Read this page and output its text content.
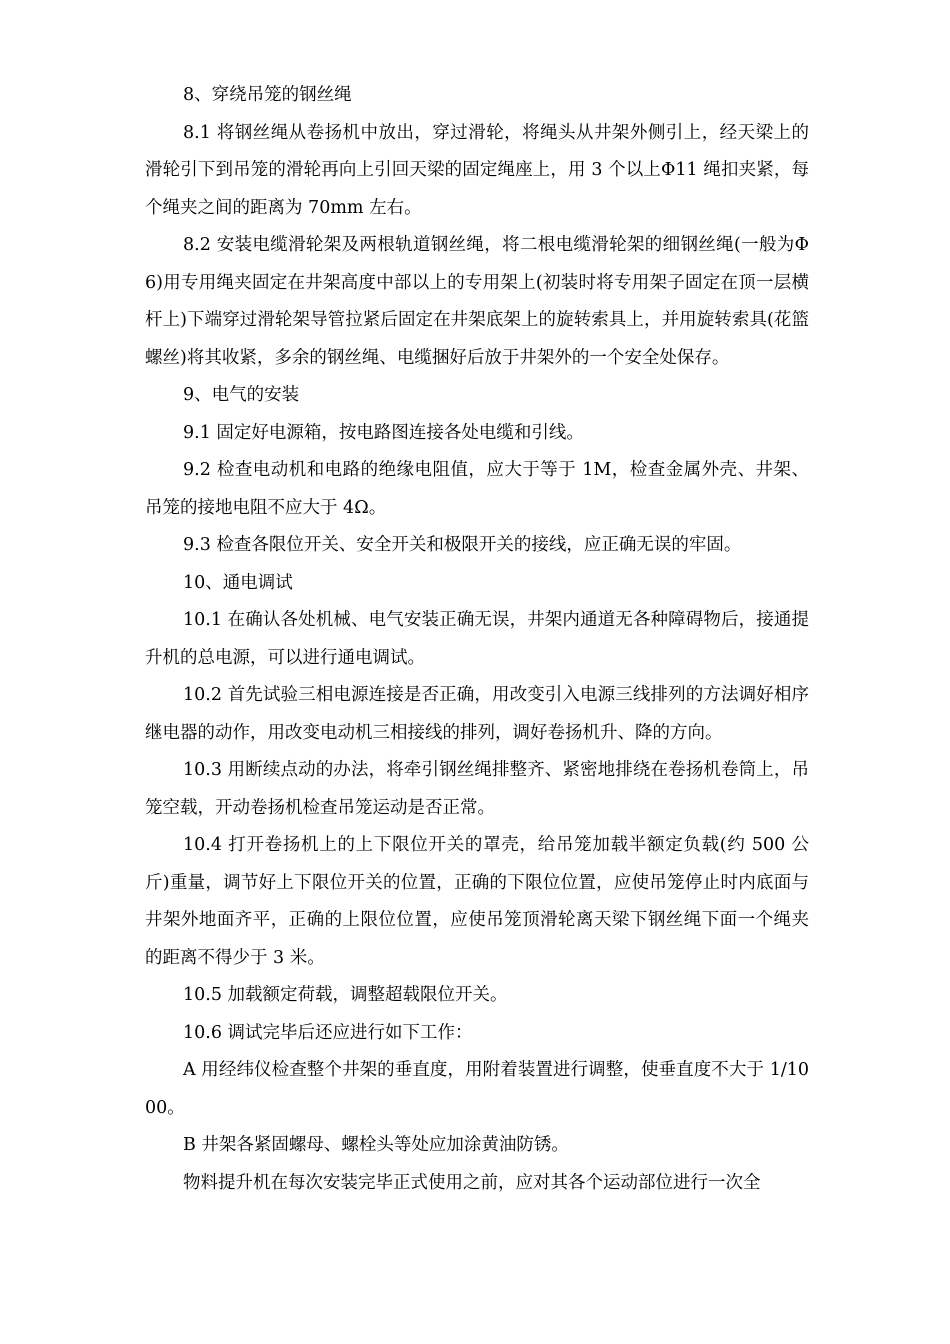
8、穿绕吊笼的钢丝绳

8.1 将钢丝绳从卷扬机中放出，穿过滑轮，将绳头从井架外侧引上，经天梁上的滑轮引下到吊笼的滑轮再向上引回天梁的固定绳座上，用 3 个以上Φ11 绳扣夹紧，每个绳夹之间的距离为 70mm 左右。

8.2 安装电缆滑轮架及两根轨道钢丝绳，将二根电缆滑轮架的细钢丝绳(一般为Φ6)用专用绳夹固定在井架高度中部以上的专用架上(初装时将专用架子固定在顶一层横杆上)下端穿过滑轮架导管拉紧后固定在井架底架上的旋转索具上，并用旋转索具(花篮螺丝)将其收紧，多余的钢丝绳、电缆捆好后放于井架外的一个安全处保存。

9、电气的安装

9.1 固定好电源箱，按电路图连接各处电缆和引线。

9.2 检查电动机和电路的绝缘电阻值，应大于等于 1M，检查金属外壳、井架、吊笼的接地电阻不应大于 4Ω。

9.3 检查各限位开关、安全开关和极限开关的接线，应正确无误的牢固。

10、通电调试

10.1 在确认各处机械、电气安装正确无误，井架内通道无各种障碍物后，接通提升机的总电源，可以进行通电调试。

10.2 首先试验三相电源连接是否正确，用改变引入电源三线排列的方法调好相序继电器的动作，用改变电动机三相接线的排列，调好卷扬机升、降的方向。

10.3 用断续点动的办法，将牵引钢丝绳排整齐、紧密地排绕在卷扬机卷筒上，吊笼空载，开动卷扬机检查吊笼运动是否正常。

10.4 打开卷扬机上的上下限位开关的罩壳，给吊笼加载半额定负载(约 500 公斤)重量，调节好上下限位开关的位置，正确的下限位位置，应使吊笼停止时内底面与井架外地面齐平，正确的上限位位置，应使吊笼顶滑轮离天梁下钢丝绳下面一个绳夹的距离不得少于 3 米。

10.5 加载额定荷载，调整超载限位开关。

10.6 调试完毕后还应进行如下工作：

A 用经纬仪检查整个井架的垂直度，用附着装置进行调整，使垂直度不大于 1/1000。

B 井架各紧固螺母、螺栓头等处应加涂黄油防锈。

物料提升机在每次安装完毕正式使用之前，应对其各个运动部位进行一次全
